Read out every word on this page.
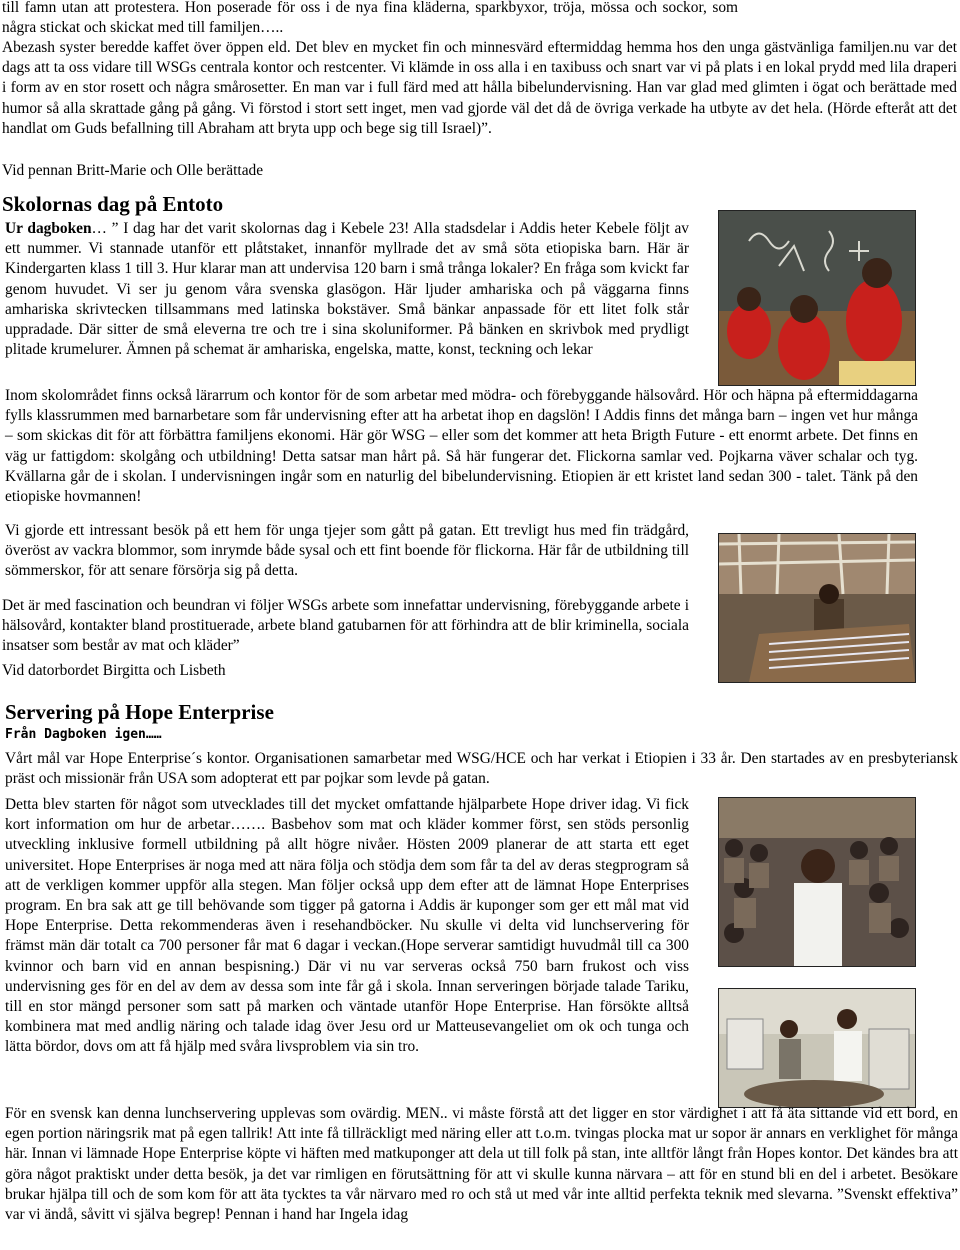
till famn utan att protestera. Hon poserade för oss i de nya fina kläderna, sparkbyxor, tröja, mössa och sockor, som några stickat och skickat med till familjen…..

Abezash syster beredde kaffet över öppen eld. Det blev en mycket fin och minnesvärd eftermiddag hemma hos den unga gästvänliga familjen.nu var det dags att ta oss vidare till WSGs centrala kontor och restcenter. Vi klämde in oss alla i en taxibuss och snart var vi på plats i en lokal prydd med lila draperi i form av en stor rosett och några smårosetter. En man var i full färd med att hålla bibelundervisning. Han var glad med glimten i ögat och berättade med humor så alla skrattade gång på gång. Vi förstod i stort sett inget, men vad gjorde väl det då de övriga verkade ha utbyte av det hela. (Hörde efteråt att det handlat om Guds befallning till Abraham att bryta upp och bege sig till Israel)”.

Vid pennan Britt-Marie och Olle berättade

Skolornas dag på Entoto

Ur dagboken… ” I dag har det varit skolornas dag i Kebele 23! Alla stadsdelar i Addis heter Kebele följt av ett nummer. Vi stannade utanför ett plåtstaket, innanför myllrade det av små söta etiopiska barn. Här är Kindergarten klass 1 till 3. Hur klarar man att undervisa 120 barn i små trånga lokaler? En fråga som kvickt far genom huvudet. Vi ser ju genom våra svenska glasögon. Här ljuder amhariska och på väggarna finns amhariska skrivtecken tillsammans med latinska bokstäver. Små bänkar anpassade för ett litet folk står uppradade. Där sitter de små eleverna tre och tre i sina skoluniformer. På bänken en skrivbok med prydligt plitade krumelurer. Ämnen på schemat är amhariska, engelska, matte, konst, teckning och lekar

Inom skolområdet finns också lärarrum och kontor för de som arbetar med mödra- och förebyggande hälsovård. Hör och häpna på eftermiddagarna fylls klassrummen med barnarbetare som får undervisning efter att ha arbetat ihop en dagslön! I Addis finns det många barn – ingen vet hur många – som skickas dit för att förbättra familjens ekonomi. Här gör WSG – eller som det kommer att heta Brigth Future - ett enormt arbete. Det finns en väg ur fattigdom: skolgång och utbildning! Detta satsar man hårt på. Så här fungerar det. Flickorna samlar ved. Pojkarna väver schalar och tyg. Kvällarna går de i skolan. I undervisningen ingår som en naturlig del bibelundervisning. Etiopien är ett kristet land sedan 300 - talet. Tänk på den etiopiske hovmannen!

Vi gjorde ett intressant besök på ett hem för unga tjejer som gått på gatan. Ett trevligt hus med fin trädgård, överöst av vackra blommor, som inrymde både sysal och ett fint boende för flickorna. Här får de utbildning till sömmerskor, för att senare försörja sig på detta.

Det är med fascination och beundran vi följer WSGs arbete som innefattar undervisning, förebyggande arbete i hälsovård, kontakter bland prostituerade, arbete bland gatubarnen för att förhindra att de blir kriminella, sociala insatser som består av mat och kläder”

Vid datorbordet Birgitta och Lisbeth

Servering på Hope Enterprise

Från Dagboken igen……

Vårt mål var Hope Enterprise´s kontor. Organisationen samarbetar med WSG/HCE och har verkat i Etiopien i 33 år. Den startades av en presbyteriansk präst och missionär från USA som adopterat ett par pojkar som levde på gatan.

Detta blev starten för något som utvecklades till det mycket omfattande hjälparbete Hope driver idag. Vi fick kort information om hur de arbetar……. Basbehov som mat och kläder kommer först, sen stöds personlig utveckling inklusive formell utbildning på allt högre nivåer. Hösten 2009 planerar de att starta ett eget universitet. Hope Enterprises är noga med att nära följa och stödja dem som får ta del av deras stegprogram så att de verkligen kommer uppför alla stegen. Man följer också upp dem efter att de lämnat Hope Enterprises program. En bra sak att ge till behövande som tigger på gatorna i Addis är kuponger som ger ett mål mat vid Hope Enterprise. Detta rekommenderas även i resehandböcker. Nu skulle vi delta vid lunchservering för främst män där totalt ca 700 personer får mat 6 dagar i veckan.(Hope serverar samtidigt huvudmål till ca 300 kvinnor och barn vid en annan bespisning.) Där vi nu var serveras också 750 barn frukost och viss undervisning ges för en del av dem av dessa som inte får gå i skola. Innan serveringen började talade Tariku, till en stor mängd personer som satt på marken och väntade utanför Hope Enterprise. Han försökte alltså kombinera mat med andlig näring och talade idag över Jesu ord ur Matteusevangeliet om ok och tunga och lätta bördor, dovs om att få hjälp med svåra livsproblem via sin tro.

För en svensk kan denna lunchservering upplevas som ovärdig. MEN.. vi måste förstå att det ligger en stor värdighet i att få äta sittande vid ett bord, en egen portion näringsrik mat på egen tallrik! Att inte få tillräckligt med näring eller att t.o.m. tvingas plocka mat ur sopor är annars en verklighet för många här. Innan vi lämnade Hope Enterprise köpte vi häften med matkuponger att dela ut till folk på stan, inte alltför långt från Hopes kontor. Det kändes bra att göra något praktiskt under detta besök, ja det var rimligen en förutsättning för att vi skulle kunna närvara – att för en stund bli en del i arbetet. Besökare brukar hjälpa till och de som kom för att äta tycktes ta vår närvaro med ro och stå ut med vår inte alltid perfekta teknik med slevarna. ”Svenskt effektiva” var vi ändå, såvitt vi själva begrep! Pennan i hand har Ingela idag
